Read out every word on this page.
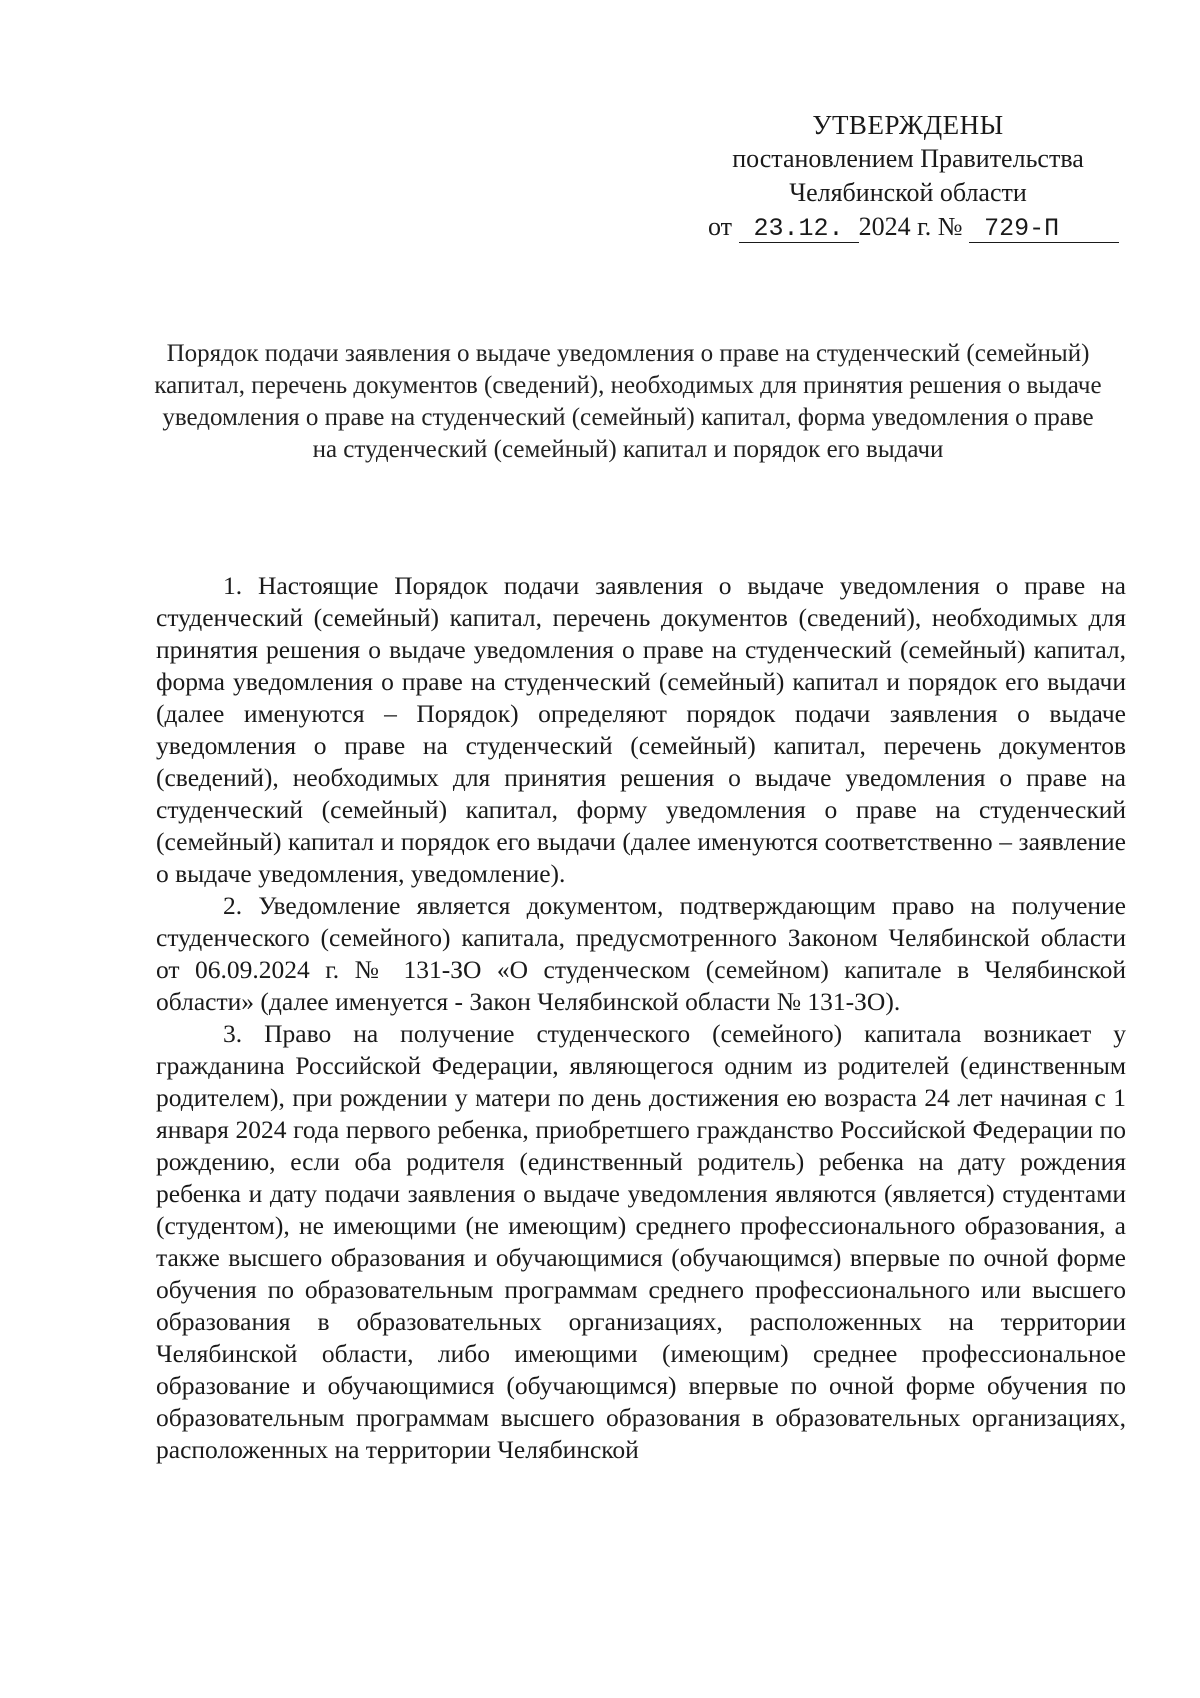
УТВЕРЖДЕНЫ
постановлением Правительства
Челябинской области
от 23.12. 2024 г. № 729-П
Порядок подачи заявления о выдаче уведомления о праве на студенческий (семейный) капитал, перечень документов (сведений), необходимых для принятия решения о выдаче уведомления о праве на студенческий (семейный) капитал, форма уведомления о праве на студенческий (семейный) капитал и порядок его выдачи

1. Настоящие Порядок подачи заявления о выдаче уведомления о праве на студенческий (семейный) капитал, перечень документов (сведений), необходимых для принятия решения о выдаче уведомления о праве на студенческий (семейный) капитал, форма уведомления о праве на студенческий (семейный) капитал и порядок его выдачи (далее именуются – Порядок) определяют порядок подачи заявления о выдаче уведомления о праве на студенческий (семейный) капитал, перечень документов (сведений), необходимых для принятия решения о выдаче уведомления о праве на студенческий (семейный) капитал, форму уведомления о праве на студенческий (семейный) капитал и порядок его выдачи (далее именуются соответственно – заявление о выдаче уведомления, уведомление).

2. Уведомление является документом, подтверждающим право на получение студенческого (семейного) капитала, предусмотренного Законом Челябинской области от 06.09.2024 г. № 131-ЗО «О студенческом (семейном) капитале в Челябинской области» (далее именуется - Закон Челябинской области № 131-ЗО).

3. Право на получение студенческого (семейного) капитала возникает у гражданина Российской Федерации, являющегося одним из родителей (единственным родителем), при рождении у матери по день достижения ею возраста 24 лет начиная с 1 января 2024 года первого ребенка, приобретшего гражданство Российской Федерации по рождению, если оба родителя (единственный родитель) ребенка на дату рождения ребенка и дату подачи заявления о выдаче уведомления являются (является) студентами (студентом), не имеющими (не имеющим) среднего профессионального образования, а также высшего образования и обучающимися (обучающимся) впервые по очной форме обучения по образовательным программам среднего профессионального или высшего образования в образовательных организациях, расположенных на территории Челябинской области, либо имеющими (имеющим) среднее профессиональное образование и обучающимися (обучающимся) впервые по очной форме обучения по образовательным программам высшего образования в образовательных организациях, расположенных на территории Челябинской
